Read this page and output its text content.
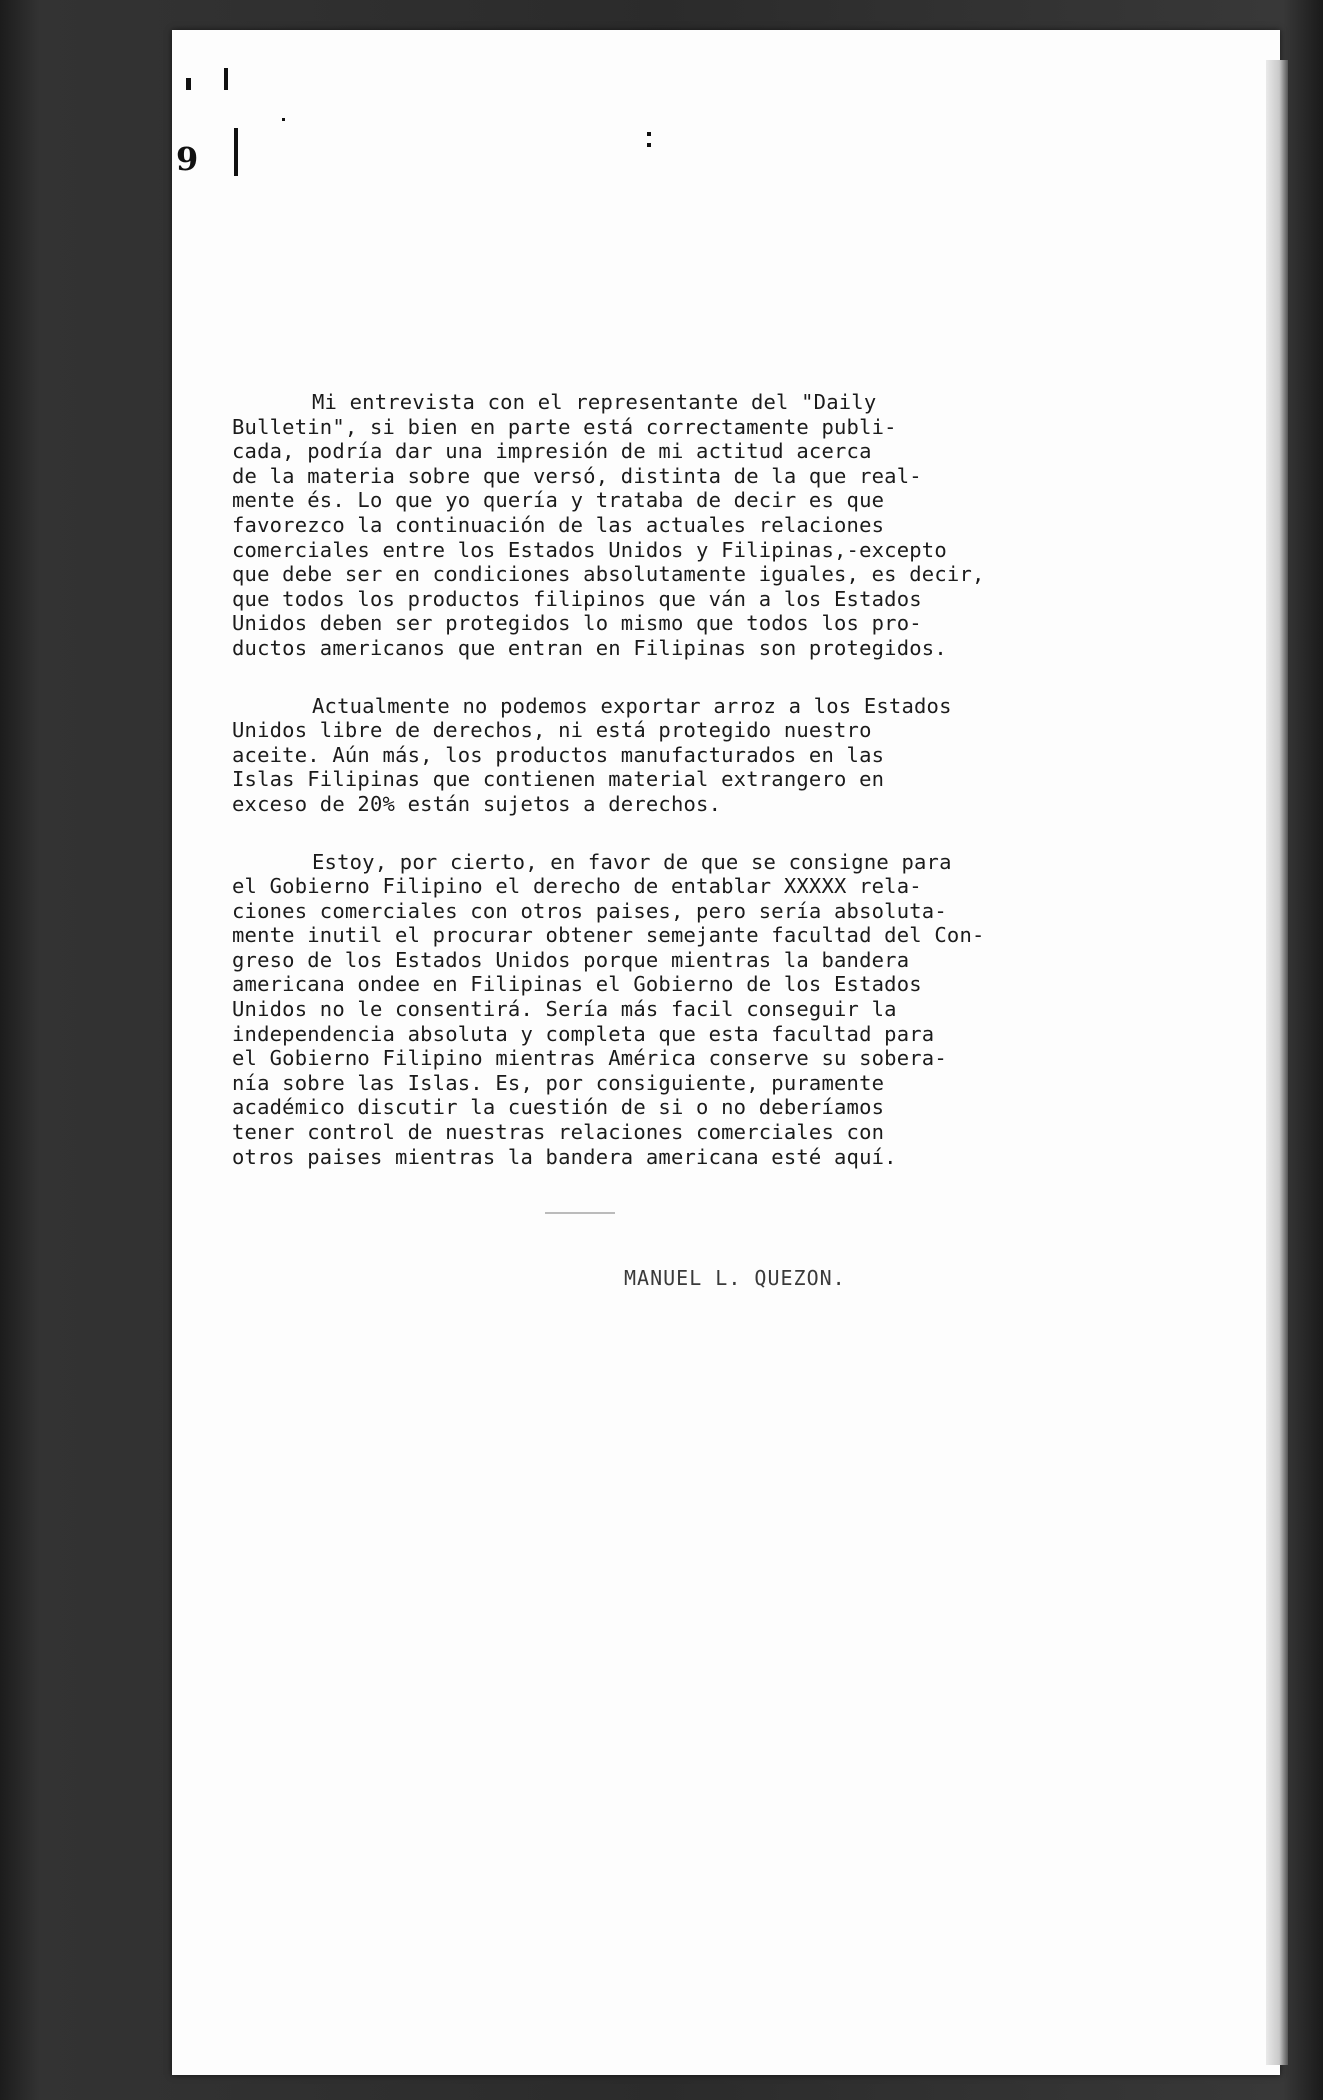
9
Mi entrevista con el representante del "Daily
Bulletin", si bien en parte está correctamente publi-
cada, podría dar una impresión de mi actitud acerca
de la materia sobre que versó, distinta de la que real-
mente és. Lo que yo quería y trataba de decir es que
favorezco la continuación de las actuales relaciones
comerciales entre los Estados Unidos y Filipinas,-excepto
que debe ser en condiciones absolutamente iguales, es decir,
que todos los productos filipinos que ván a los Estados
Unidos deben ser protegidos lo mismo que todos los pro-
ductos americanos que entran en Filipinas son protegidos.
Actualmente no podemos exportar arroz a los Estados
Unidos libre de derechos, ni está protegido nuestro
aceite. Aún más, los productos manufacturados en las
Islas Filipinas que contienen material extrangero en
exceso de 20% están sujetos a derechos.
Estoy, por cierto, en favor de que se consigne para
el Gobierno Filipino el derecho de entablar XXXXX rela-
ciones comerciales con otros paises, pero sería absoluta-
mente inutil el procurar obtener semejante facultad del Con-
greso de los Estados Unidos porque mientras la bandera
americana ondee en Filipinas el Gobierno de los Estados
Unidos no le consentirá. Sería más facil conseguir la
independencia absoluta y completa que esta facultad para
el Gobierno Filipino mientras América conserve su sobera-
nía sobre las Islas. Es, por consiguiente, puramente
académico discutir la cuestión de si o no deberíamos
tener control de nuestras relaciones comerciales con
otros paises mientras la bandera americana esté aquí.
MANUEL L. QUEZON.
